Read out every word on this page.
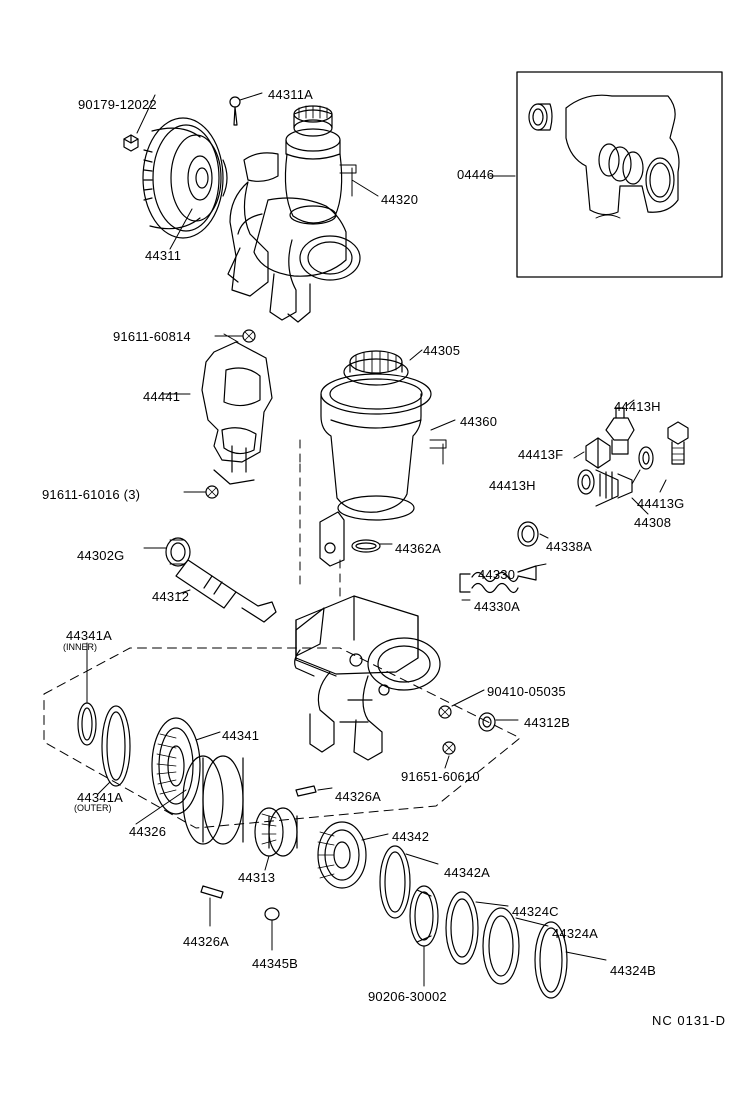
90179-12022
44311A
44320
44311
04446
91611-60814
44305
44441
44360
44413H
44413F
44413H
44413G
91611-61016 (3)
44308
44338A
44302G	44362A
44330
44312
44330A
44341A
(INNER)
90410-05035
44312B
44341
91651-60610
44341A
(OUTER)
44326A
44326	44342
44313	44342A
44324C
44324A
44326A
44345B	44324B
90206-30002
NC 0131-D
